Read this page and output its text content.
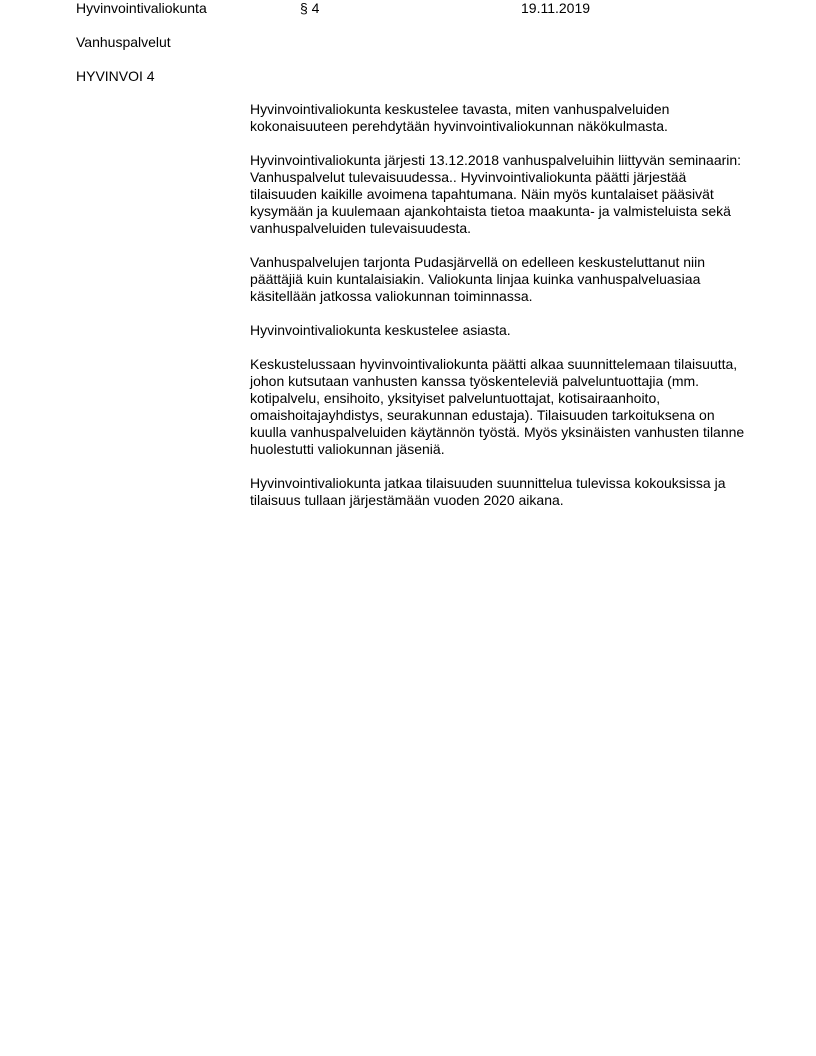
Hyvinvointivaliokunta	§ 4	19.11.2019
Vanhuspalvelut
HYVINVOI 4

Hyvinvointivaliokunta keskustelee tavasta, miten vanhuspalveluiden kokonaisuuteen perehdytään hyvinvointivaliokunnan näkökulmasta.

Hyvinvointivaliokunta järjesti 13.12.2018 vanhuspalveluihin liittyvän seminaarin: Vanhuspalvelut tulevaisuudessa.. Hyvinvointivaliokunta päätti järjestää tilaisuuden kaikille avoimena tapahtumana. Näin myös kuntalaiset pääsivät kysymään ja kuulemaan ajankohtaista tietoa maakunta- ja valmisteluista sekä vanhuspalveluiden tulevaisuudesta.

Vanhuspalvelujen tarjonta Pudasjärvellä on edelleen keskusteluttanut niin päättäjiä kuin kuntalaisiakin. Valiokunta linjaa kuinka vanhuspalveluasiaa käsitellään jatkossa valiokunnan toiminnassa.

Hyvinvointivaliokunta keskustelee asiasta.

Keskustelussaan hyvinvointivaliokunta päätti alkaa suunnittelemaan tilaisuutta, johon kutsutaan vanhusten kanssa työskenteleviä palveluntuottajia (mm. kotipalvelu, ensihoito, yksityiset palveluntuottajat, kotisairaanhoito, omaishoitajayhdistys, seurakunnan edustaja). Tilaisuuden tarkoituksena on kuulla vanhuspalveluiden käytännön työstä. Myös yksinäisten vanhusten tilanne huolestutti valiokunnan jäseniä.

Hyvinvointivaliokunta jatkaa tilaisuuden suunnittelua tulevissa kokouksissa ja tilaisuus tullaan järjestämään vuoden 2020 aikana.
